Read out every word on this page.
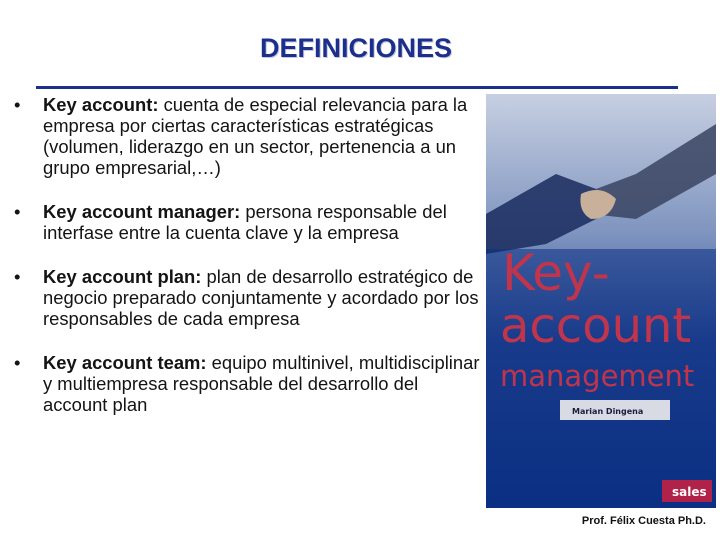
DEFINICIONES
• Key account: cuenta de especial relevancia para la empresa por ciertas características estratégicas (volumen, liderazgo en un sector, pertenencia a un grupo empresarial,…)
• Key account manager: persona responsable del interfase entre la cuenta clave y la empresa
• Key account plan: plan de desarrollo estratégico de negocio preparado conjuntamente y acordado por los responsables de cada empresa
• Key account team: equipo multinivel, multidisciplinar y multiempresa responsable del desarrollo del account plan
Key-
account
management
Marian Dingena
sales
Prof. Félix Cuesta Ph.D.
